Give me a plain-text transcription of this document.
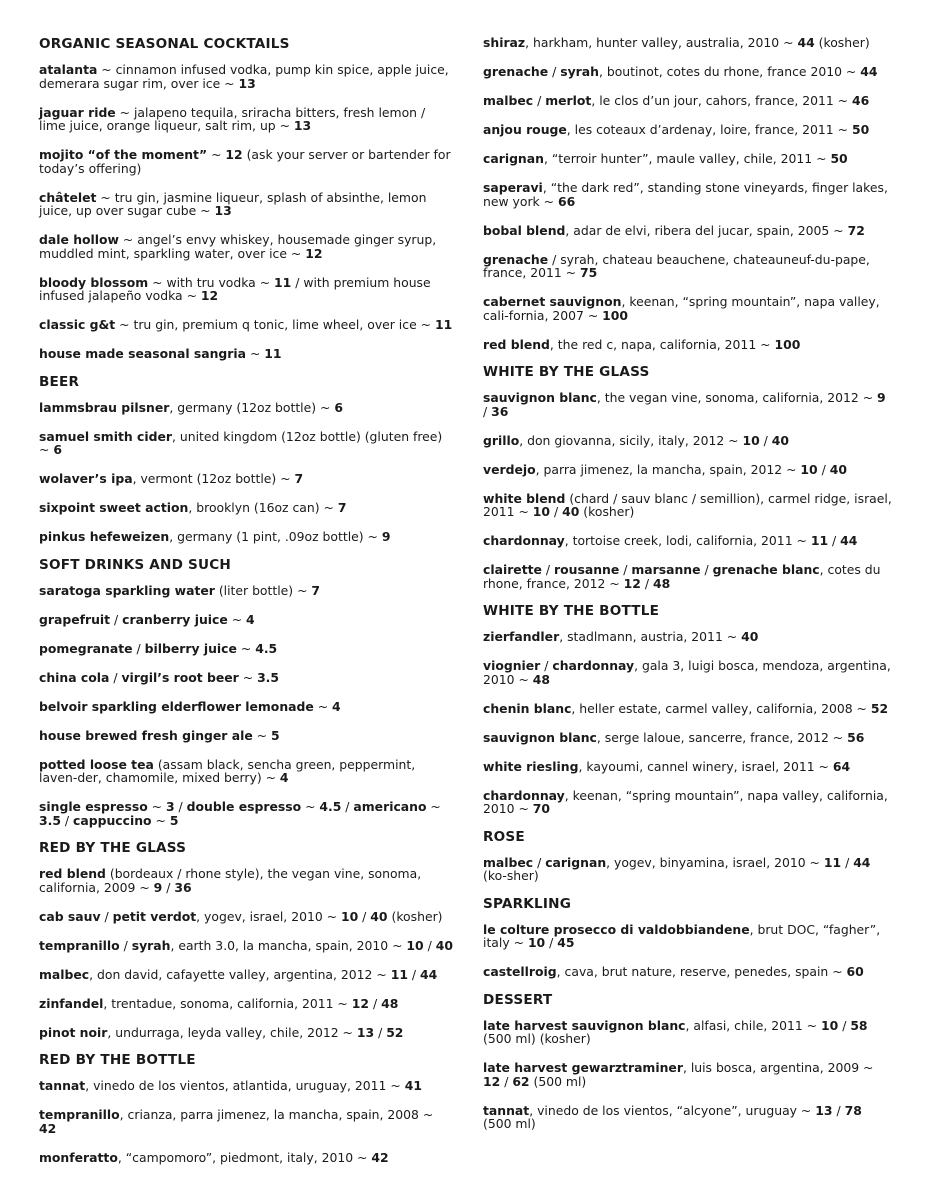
ORGANIC SEASONAL COCKTAILS
atalanta ~ cinnamon infused vodka, pump kin spice, apple juice, demerara sugar rim, over ice ~ 13
jaguar ride ~ jalapeno tequila, sriracha bitters, fresh lemon / lime juice, orange liqueur, salt rim, up ~ 13
mojito “of the moment” ~ 12 (ask your server or bartender for today’s offering)
châtelet ~ tru gin, jasmine liqueur, splash of absinthe, lemon juice, up over sugar cube ~ 13
dale hollow ~ angel’s envy whiskey, housemade ginger syrup, muddled mint, sparkling water, over ice ~ 12
bloody blossom ~ with tru vodka ~ 11 / with premium house infused jalapeño vodka ~ 12
classic g&t ~ tru gin, premium q tonic, lime wheel, over ice ~ 11
house made seasonal sangria ~ 11
BEER
lammsbrau pilsner, germany (12oz bottle) ~ 6
samuel smith cider, united kingdom (12oz bottle) (gluten free) ~ 6
wolaver’s ipa, vermont (12oz bottle) ~ 7
sixpoint sweet action, brooklyn (16oz can) ~ 7
pinkus hefeweizen, germany (1 pint, .09oz bottle) ~ 9
SOFT DRINKS AND SUCH
saratoga sparkling water (liter bottle) ~ 7
grapefruit / cranberry juice ~ 4
pomegranate / bilberry juice ~ 4.5
china cola / virgil’s root beer ~ 3.5
belvoir sparkling elderflower lemonade ~ 4
house brewed fresh ginger ale ~ 5
potted loose tea (assam black, sencha green, peppermint, laven-der, chamomile, mixed berry) ~ 4
single espresso ~ 3 / double espresso ~ 4.5 / americano ~ 3.5 / cappuccino ~ 5
RED BY THE GLASS
red blend (bordeaux / rhone style), the vegan vine, sonoma, california, 2009 ~ 9 / 36
cab sauv / petit verdot, yogev, israel, 2010 ~ 10 / 40 (kosher)
tempranillo / syrah, earth 3.0, la mancha, spain, 2010 ~ 10 / 40
malbec, don david, cafayette valley, argentina, 2012 ~ 11 / 44
zinfandel, trentadue, sonoma, california, 2011 ~ 12 / 48
pinot noir, undurraga, leyda valley, chile, 2012 ~ 13 / 52
RED BY THE BOTTLE
tannat, vinedo de los vientos, atlantida, uruguay, 2011 ~ 41
tempranillo, crianza, parra jimenez, la mancha, spain, 2008 ~ 42
monferatto, “campomoro”, piedmont, italy, 2010 ~ 42
shiraz, harkham, hunter valley, australia, 2010 ~ 44 (kosher)
grenache / syrah, boutinot, cotes du rhone, france 2010 ~ 44
malbec / merlot, le clos d’un jour, cahors, france, 2011 ~ 46
anjou rouge, les coteaux d’ardenay, loire, france, 2011 ~ 50
carignan, “terroir hunter”, maule valley, chile, 2011 ~ 50
saperavi, “the dark red”, standing stone vineyards, finger lakes, new york ~ 66
bobal blend, adar de elvi, ribera del jucar, spain, 2005 ~ 72
grenache / syrah, chateau beauchene, chateauneuf-du-pape, france, 2011 ~ 75
cabernet sauvignon, keenan, “spring mountain”, napa valley, cali-fornia, 2007 ~ 100
red blend, the red c, napa, california, 2011 ~ 100
WHITE BY THE GLASS
sauvignon blanc, the vegan vine, sonoma, california, 2012 ~ 9 / 36
grillo, don giovanna, sicily, italy, 2012 ~ 10 / 40
verdejo, parra jimenez, la mancha, spain, 2012 ~ 10 / 40
white blend (chard / sauv blanc / semillion), carmel ridge, israel, 2011 ~ 10 / 40 (kosher)
chardonnay, tortoise creek, lodi, california, 2011 ~ 11 / 44
clairette / rousanne / marsanne / grenache blanc, cotes du rhone, france, 2012 ~ 12 / 48
WHITE BY THE BOTTLE
zierfandler, stadlmann, austria, 2011 ~ 40
viognier / chardonnay, gala 3, luigi bosca, mendoza, argentina, 2010 ~ 48
chenin blanc, heller estate, carmel valley, california, 2008 ~ 52
sauvignon blanc, serge laloue, sancerre, france, 2012 ~ 56
white riesling, kayoumi, cannel winery, israel, 2011 ~ 64
chardonnay, keenan, “spring mountain”, napa valley, california, 2010 ~ 70
ROSE
malbec / carignan, yogev, binyamina, israel, 2010 ~ 11 / 44 (ko-sher)
SPARKLING
le colture prosecco di valdobbiandene, brut DOC, “fagher”, italy ~ 10 / 45
castellroig, cava, brut nature, reserve, penedes, spain ~ 60
DESSERT
late harvest sauvignon blanc, alfasi, chile, 2011 ~ 10 / 58 (500 ml) (kosher)
late harvest gewarztraminer, luis bosca, argentina, 2009 ~ 12 / 62 (500 ml)
tannat, vinedo de los vientos, “alcyone”, uruguay ~ 13 / 78 (500 ml)
